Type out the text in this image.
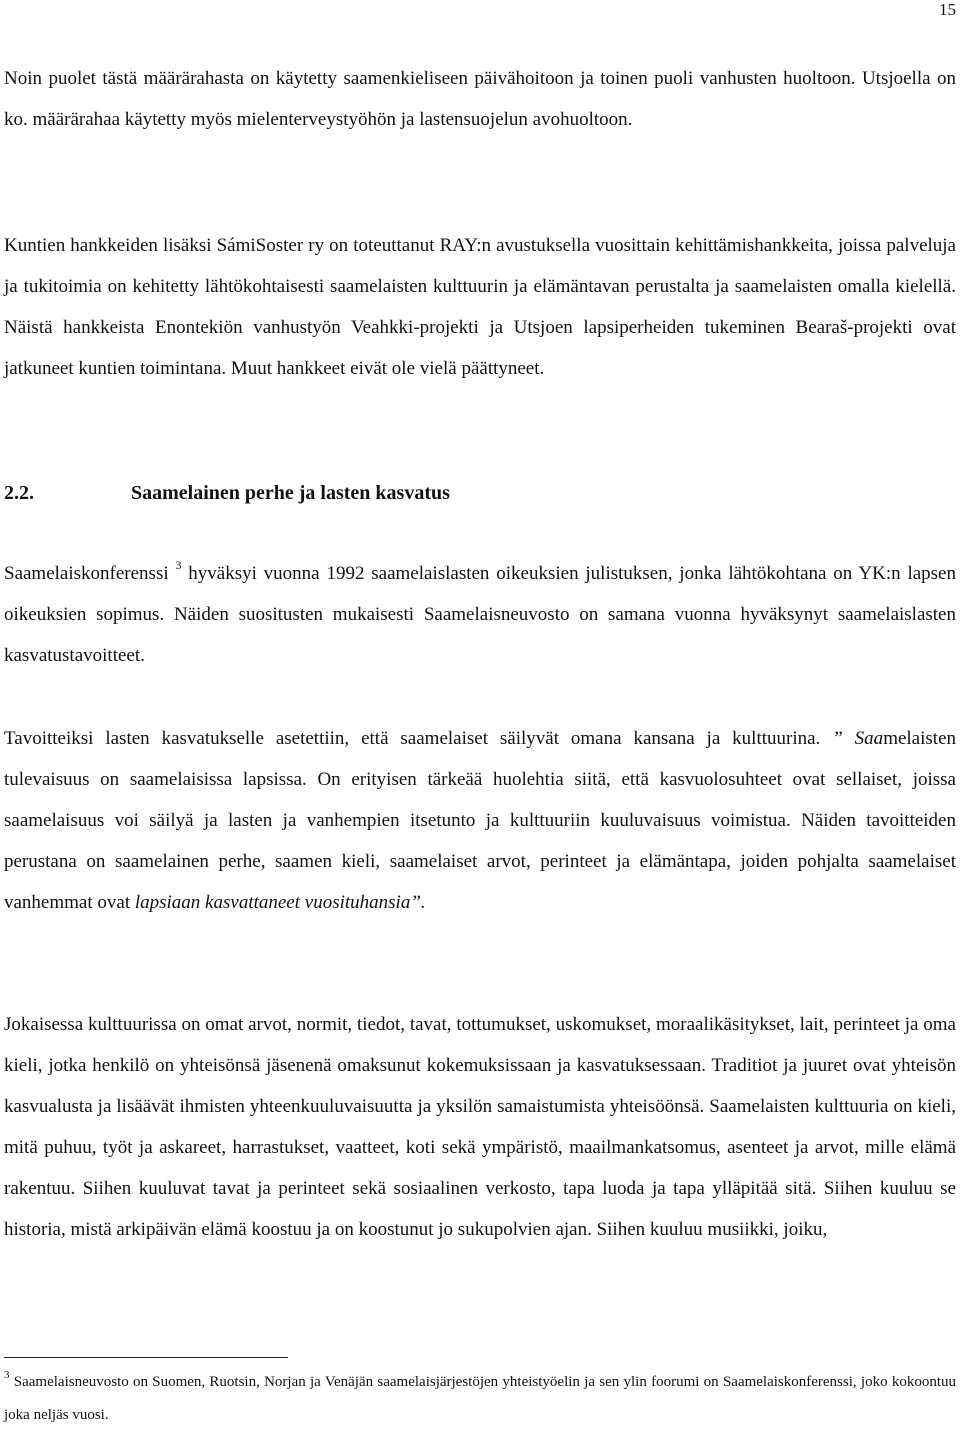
15

Noin puolet tästä määrärahasta on käytetty saamenkieliseen päivähoitoon ja toinen puoli vanhusten huoltoon. Utsjoella on ko. määrärahaa käytetty myös mielenterveystyöhön ja lastensuojelun avohuoltoon.

Kuntien hankkeiden lisäksi SámiSoster ry on toteuttanut RAY:n avustuksella vuosittain kehittämishankkeita, joissa palveluja ja tukitoimia on kehitetty lähtökohtaisesti saamelaisten kulttuurin ja elämäntavan perustalta ja saamelaisten omalla kielellä. Näistä hankkeista Enontekiön vanhustyön Veahkki-projekti ja Utsjoen lapsiperheiden tukeminen Bearaš-projekti ovat jatkuneet kuntien toimintana. Muut hankkeet eivät ole vielä päättyneet.

2.2.	Saamelainen perhe ja lasten kasvatus

Saamelaiskonferenssi $^3$ hyväksyi vuonna 1992 saamelaislasten oikeuksien julistuksen, jonka lähtökohtana on YK:n lapsen oikeuksien sopimus. Näiden suositusten mukaisesti Saamelaisneuvosto on samana vuonna hyväksynyt saamelaislasten kasvatustavoitteet.

Tavoitteiksi lasten kasvatukselle asetettiin, että saamelaiset säilyvät omana kansana ja kulttuurina. ” Saamelaisten tulevaisuus on saamelaisissa lapsissa. On erityisen tärkeää huolehtia siitä, että kasvuolosuhteet ovat sellaiset, joissa saamelaisuus voi säilyä ja lasten ja vanhempien itsetunto ja kulttuuriin kuuluvaisuus voimistua. Näiden tavoitteiden perustana on saamelainen perhe, saamen kieli, saamelaiset arvot, perinteet ja elämäntapa, joiden pohjalta saamelaiset vanhemmat ovat lapsiaan kasvattaneet vuosituhansia”.

Jokaisessa kulttuurissa on omat arvot, normit, tiedot, tavat, tottumukset, uskomukset, moraalikäsitykset, lait, perinteet ja oma kieli, jotka henkilö on yhteisönsä jäsenenä omaksunut kokemuksissaan ja kasvatuksessaan. Traditiot ja juuret ovat yhteisön kasvualusta ja lisäävät ihmisten yhteenkuuluvaisuutta ja yksilön samaistumista yhteisöönsä. Saamelaisten kulttuuria on kieli, mitä puhuu, työt ja askareet, harrastukset, vaatteet, koti sekä ympäristö, maailmankatsomus, asenteet ja arvot, mille elämä rakentuu. Siihen kuuluvat tavat ja perinteet sekä sosiaalinen verkosto, tapa luoda ja tapa ylläpitää sitä. Siihen kuuluu se historia, mistä arkipäivän elämä koostuu ja on koostunut jo sukupolvien ajan. Siihen kuuluu musiikki, joiku,

$^3$ Saamelaisneuvosto on Suomen, Ruotsin, Norjan ja Venäjän saamelaisjärjestöjen yhteistyöelin ja sen ylin foorumi on Saamelaiskonferenssi, joko kokoontuu joka neljäs vuosi.
